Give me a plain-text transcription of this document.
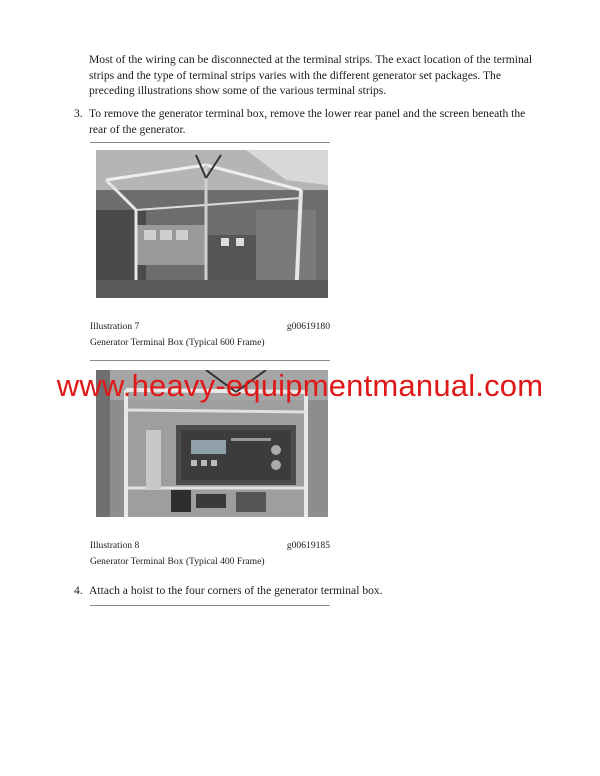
Most of the wiring can be disconnected at the terminal strips. The exact location of the terminal strips and the type of terminal strips varies with the different generator set packages. The preceding illustrations show some of the various terminal strips.
3. To remove the generator terminal box, remove the lower rear panel and the screen beneath the rear of the generator.
Illustration 7	g00619180
Generator Terminal Box (Typical 600 Frame)
Illustration 8	g00619185
Generator Terminal Box (Typical 400 Frame)
4. Attach a hoist to the four corners of the generator terminal box.
www.heavy-equipmentmanual.com
